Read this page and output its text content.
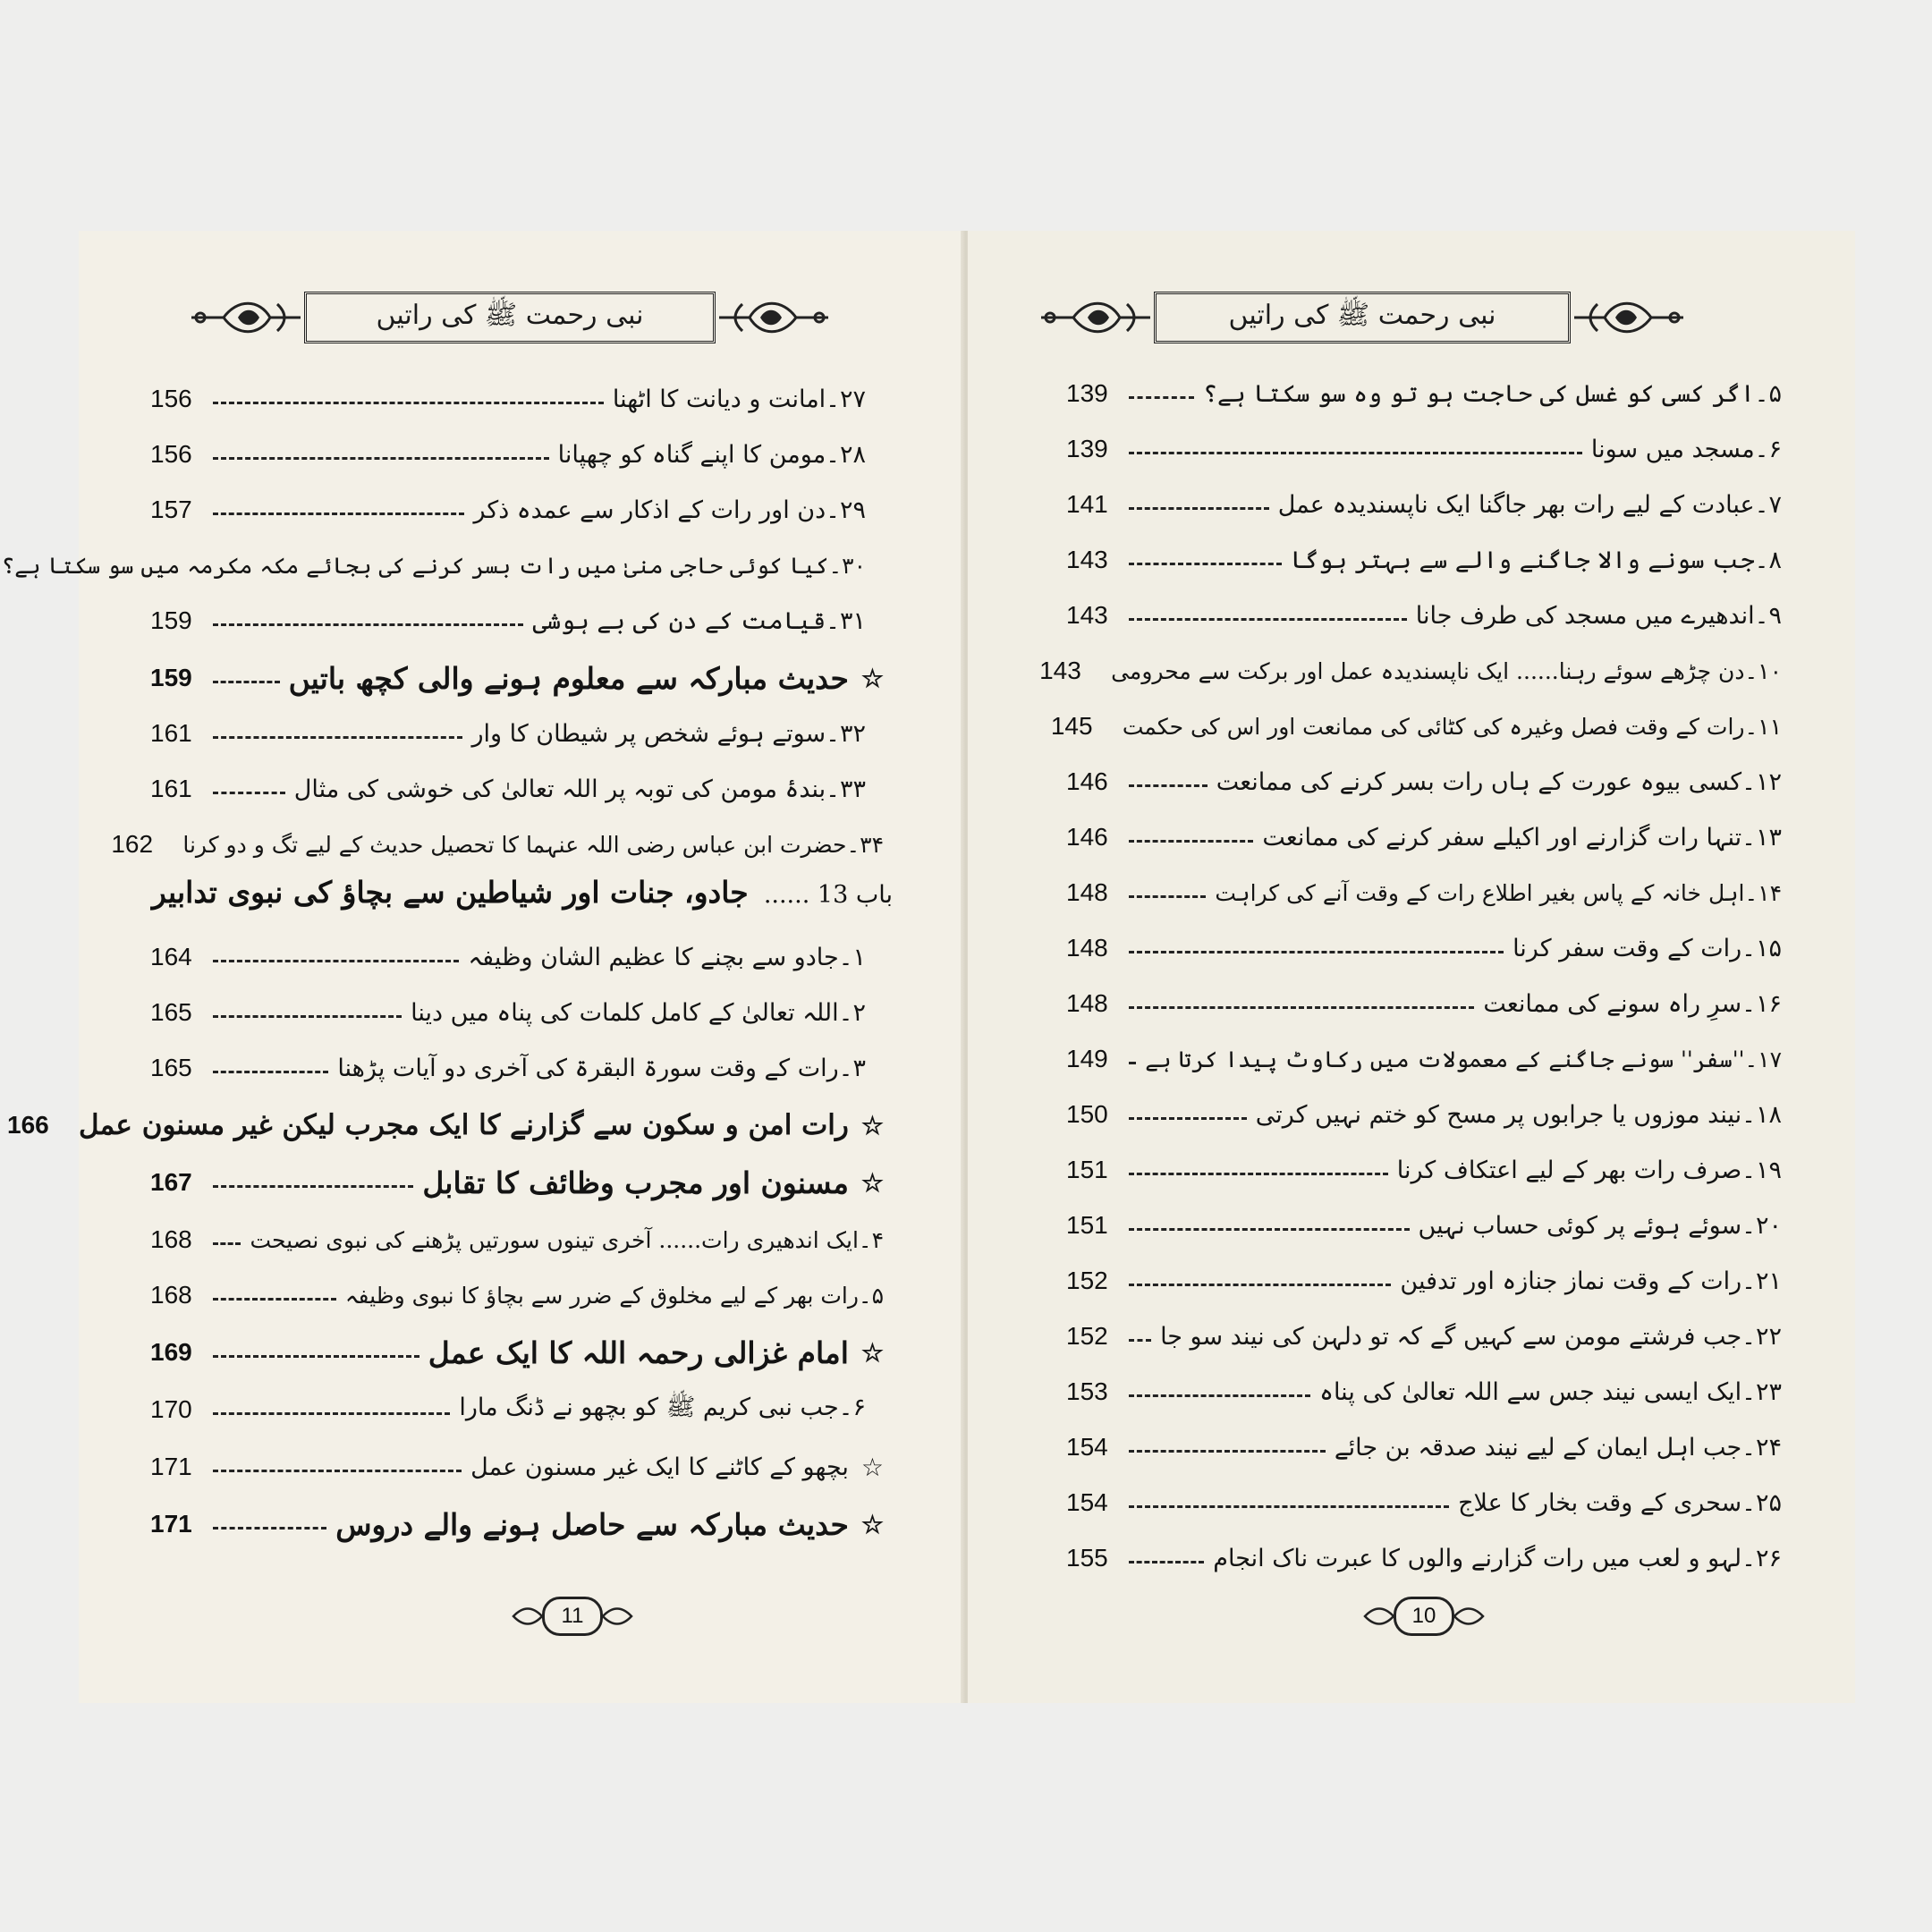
نبی رحمت ﷺ کی راتیں
۲۷۔امانت و دیانت کا اٹھنا
156
۲۸۔مومن کا اپنے گناہ کو چھپانا
156
۲۹۔دن اور رات کے اذکار سے عمدہ ذکر
157
۳۰۔کیا کوئی حاجی منیٰ میں رات بسر کرنے کی بجائے مکہ مکرمہ میں سو سکتا ہے؟
۳۱۔قیامت کے دن کی بے ہوشی
159
☆
حدیث مبارکہ سے معلوم ہونے والی کچھ باتیں
159
۳۲۔سوتے ہوئے شخص پر شیطان کا وار
161
۳۳۔بندۂ مومن کی توبہ پر اللہ تعالیٰ کی خوشی کی مثال
161
۳۴۔حضرت ابن عباس رضی اللہ عنہما کا تحصیل حدیث کے لیے تگ و دو کرنا
162
باب 13 ...... جادو، جنات اور شیاطین سے بچاؤ کی نبوی تدابیر
۱۔جادو سے بچنے کا عظیم الشان وظیفہ
164
۲۔اللہ تعالیٰ کے کامل کلمات کی پناہ میں دینا
165
۳۔رات کے وقت سورۃ البقرۃ کی آخری دو آیات پڑھنا
165
☆
رات امن و سکون سے گزارنے کا ایک مجرب لیکن غیر مسنون عمل
166
☆
مسنون اور مجرب وظائف کا تقابل
167
۴۔ایک اندھیری رات...... آخری تینوں سورتیں پڑھنے کی نبوی نصیحت
168
۵۔رات بھر کے لیے مخلوق کے ضرر سے بچاؤ کا نبوی وظیفہ
168
☆
امام غزالی رحمہ اللہ کا ایک عمل
169
۶۔جب نبی کریم ﷺ کو بچھو نے ڈنگ مارا
170
☆
بچھو کے کاٹنے کا ایک غیر مسنون عمل
171
☆
حدیث مبارکہ سے حاصل ہونے والے دروس
171
11
نبی رحمت ﷺ کی راتیں
۵۔اگر کسی کو غسل کی حاجت ہو تو وہ سو سکتا ہے؟
139
۶۔مسجد میں سونا
139
۷۔عبادت کے لیے رات بھر جاگنا ایک ناپسندیدہ عمل
141
۸۔جب سونے والا جاگنے والے سے بہتر ہوگا
143
۹۔اندھیرے میں مسجد کی طرف جانا
143
۱۰۔دن چڑھے سوئے رہنا...... ایک ناپسندیدہ عمل اور برکت سے محرومی
143
۱۱۔رات کے وقت فصل وغیرہ کی کٹائی کی ممانعت اور اس کی حکمت
145
۱۲۔کسی بیوہ عورت کے ہاں رات بسر کرنے کی ممانعت
146
۱۳۔تنہا رات گزارنے اور اکیلے سفر کرنے کی ممانعت
146
۱۴۔اہل خانہ کے پاس بغیر اطلاع رات کے وقت آنے کی کراہت
148
۱۵۔رات کے وقت سفر کرنا
148
۱۶۔سرِ راہ سونے کی ممانعت
148
۱۷۔''سفر'' سونے جاگنے کے معمولات میں رکاوٹ پیدا کرتا ہے
149
۱۸۔نیند موزوں یا جرابوں پر مسح کو ختم نہیں کرتی
150
۱۹۔صرف رات بھر کے لیے اعتکاف کرنا
151
۲۰۔سوئے ہوئے پر کوئی حساب نہیں
151
۲۱۔رات کے وقت نماز جنازہ اور تدفین
152
۲۲۔جب فرشتے مومن سے کہیں گے کہ تو دلہن کی نیند سو جا
152
۲۳۔ایک ایسی نیند جس سے اللہ تعالیٰ کی پناہ
153
۲۴۔جب اہل ایمان کے لیے نیند صدقہ بن جائے
154
۲۵۔سحری کے وقت بخار کا علاج
154
۲۶۔لہو و لعب میں رات گزارنے والوں کا عبرت ناک انجام
155
10
